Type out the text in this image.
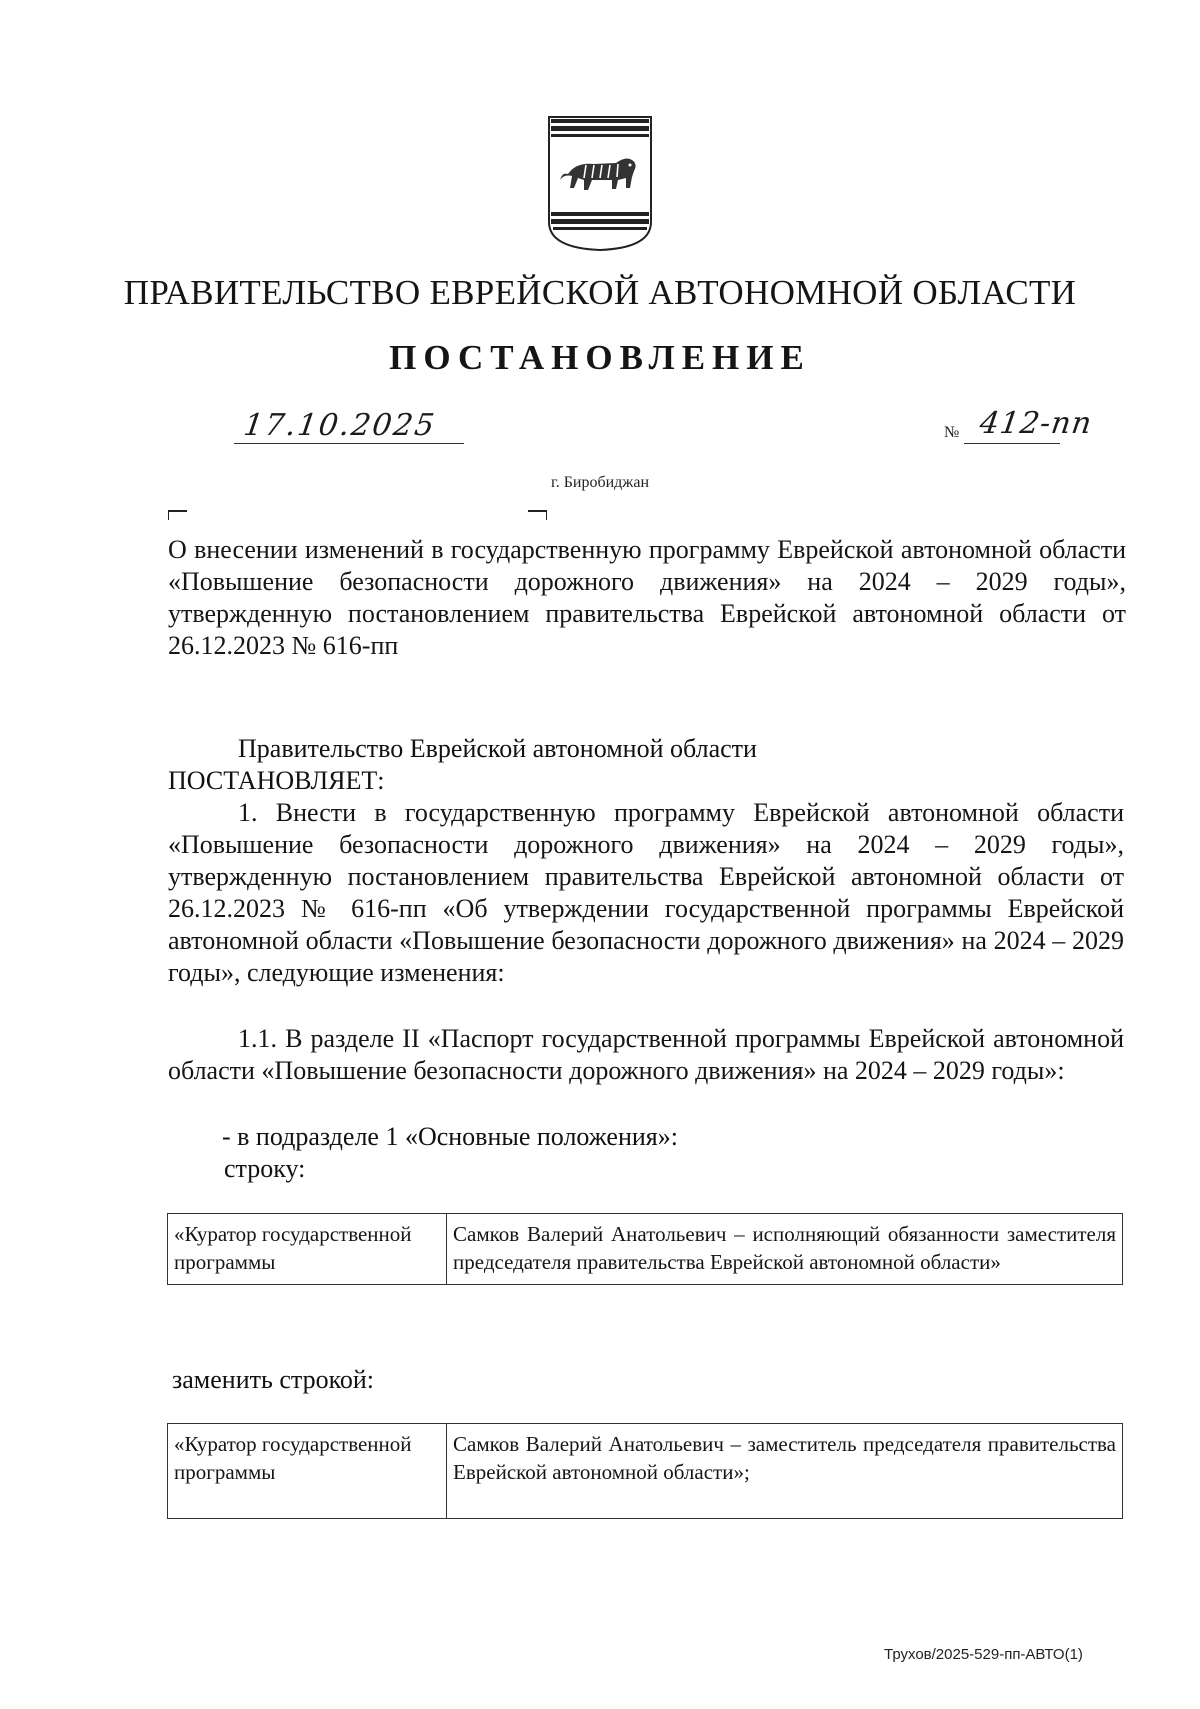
ПРАВИТЕЛЬСТВО ЕВРЕЙСКОЙ АВТОНОМНОЙ ОБЛАСТИ
ПОСТАНОВЛЕНИЕ
17.10.2025	№ 412-пп
г. Биробиджан
О внесении изменений в государственную программу Еврейской автономной области «Повышение безопасности дорожного движения» на 2024 – 2029 годы», утвержденную постановлением правительства Еврейской автономной области от 26.12.2023 № 616-пп
Правительство Еврейской автономной области
ПОСТАНОВЛЯЕТ:
1. Внести в государственную программу Еврейской автономной области «Повышение безопасности дорожного движения» на 2024 – 2029 годы», утвержденную постановлением правительства Еврейской автономной области от 26.12.2023 № 616-пп «Об утверждении государственной программы Еврейской автономной области «Повышение безопасности дорожного движения» на 2024 – 2029 годы», следующие изменения:
1.1. В разделе II «Паспорт государственной программы Еврейской автономной области «Повышение безопасности дорожного движения» на 2024 – 2029 годы»:
- в подразделе 1 «Основные положения»:
строку:
«Куратор государственной программы	Самков Валерий Анатольевич – исполняющий обязанности заместителя председателя правительства Еврейской автономной области»
заменить строкой:
«Куратор государственной программы	Самков Валерий Анатольевич – заместитель председателя правительства Еврейской автономной области»;
Трухов/2025-529-пп-АВТО(1)
